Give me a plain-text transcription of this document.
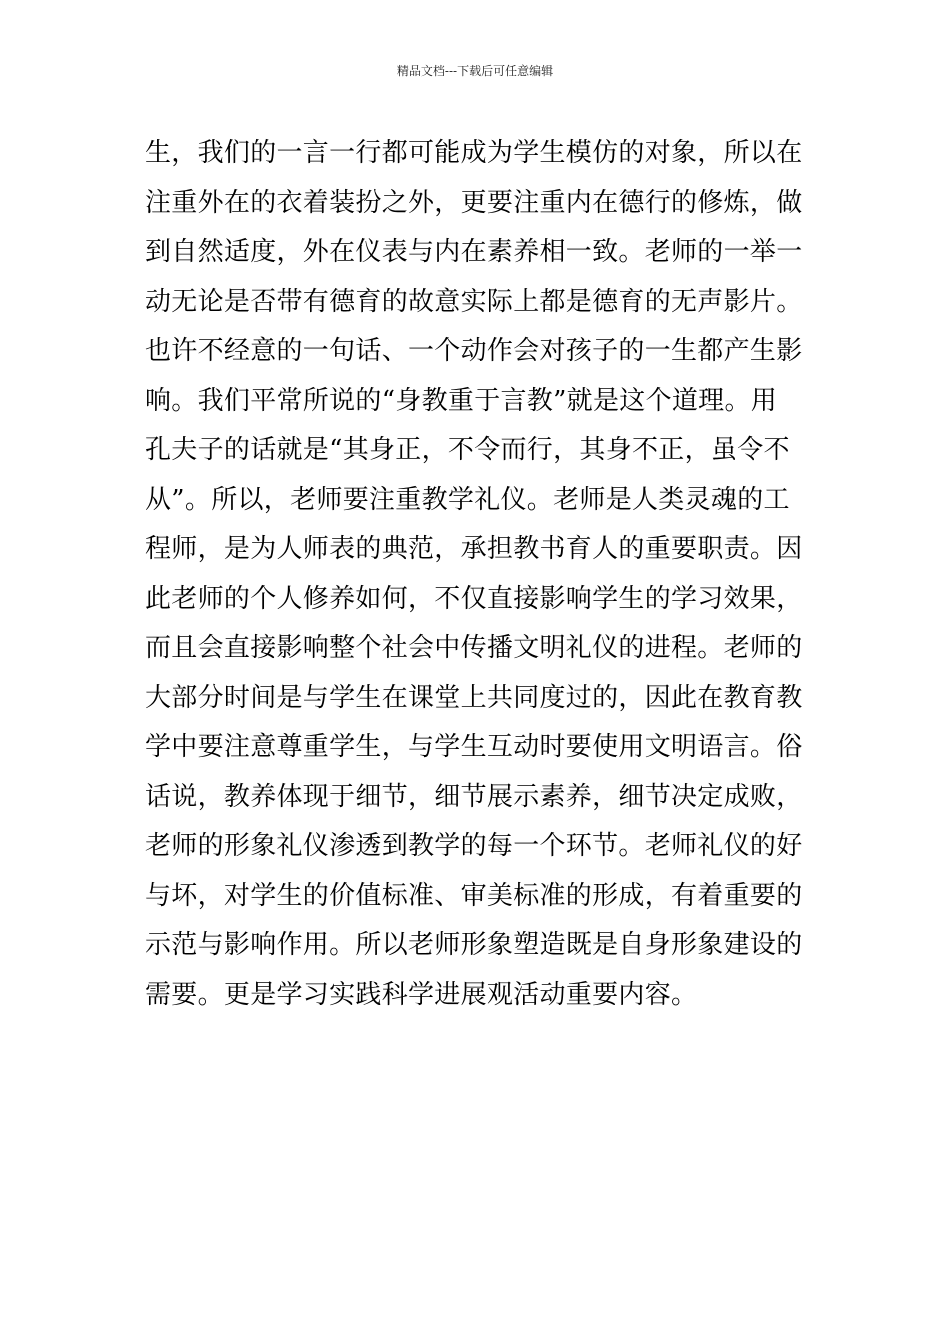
精品文档---下载后可任意编辑
生，我们的一言一行都可能成为学生模仿的对象，所以在
注重外在的衣着装扮之外，更要注重内在德行的修炼，做
到自然适度，外在仪表与内在素养相一致。老师的一举一
动无论是否带有德育的故意实际上都是德育的无声影片。
也许不经意的一句话、一个动作会对孩子的一生都产生影
响。我们平常所说的“身教重于言教”就是这个道理。用
孔夫子的话就是“其身正，不令而行，其身不正，虽令不
从”。所以，老师要注重教学礼仪。老师是人类灵魂的工
程师，是为人师表的典范，承担教书育人的重要职责。因
此老师的个人修养如何，不仅直接影响学生的学习效果，
而且会直接影响整个社会中传播文明礼仪的进程。老师的
大部分时间是与学生在课堂上共同度过的，因此在教育教
学中要注意尊重学生，与学生互动时要使用文明语言。俗
话说，教养体现于细节，细节展示素养，细节决定成败，
老师的形象礼仪渗透到教学的每一个环节。老师礼仪的好
与坏，对学生的价值标准、审美标准的形成，有着重要的
示范与影响作用。所以老师形象塑造既是自身形象建设的
需要。更是学习实践科学进展观活动重要内容。
